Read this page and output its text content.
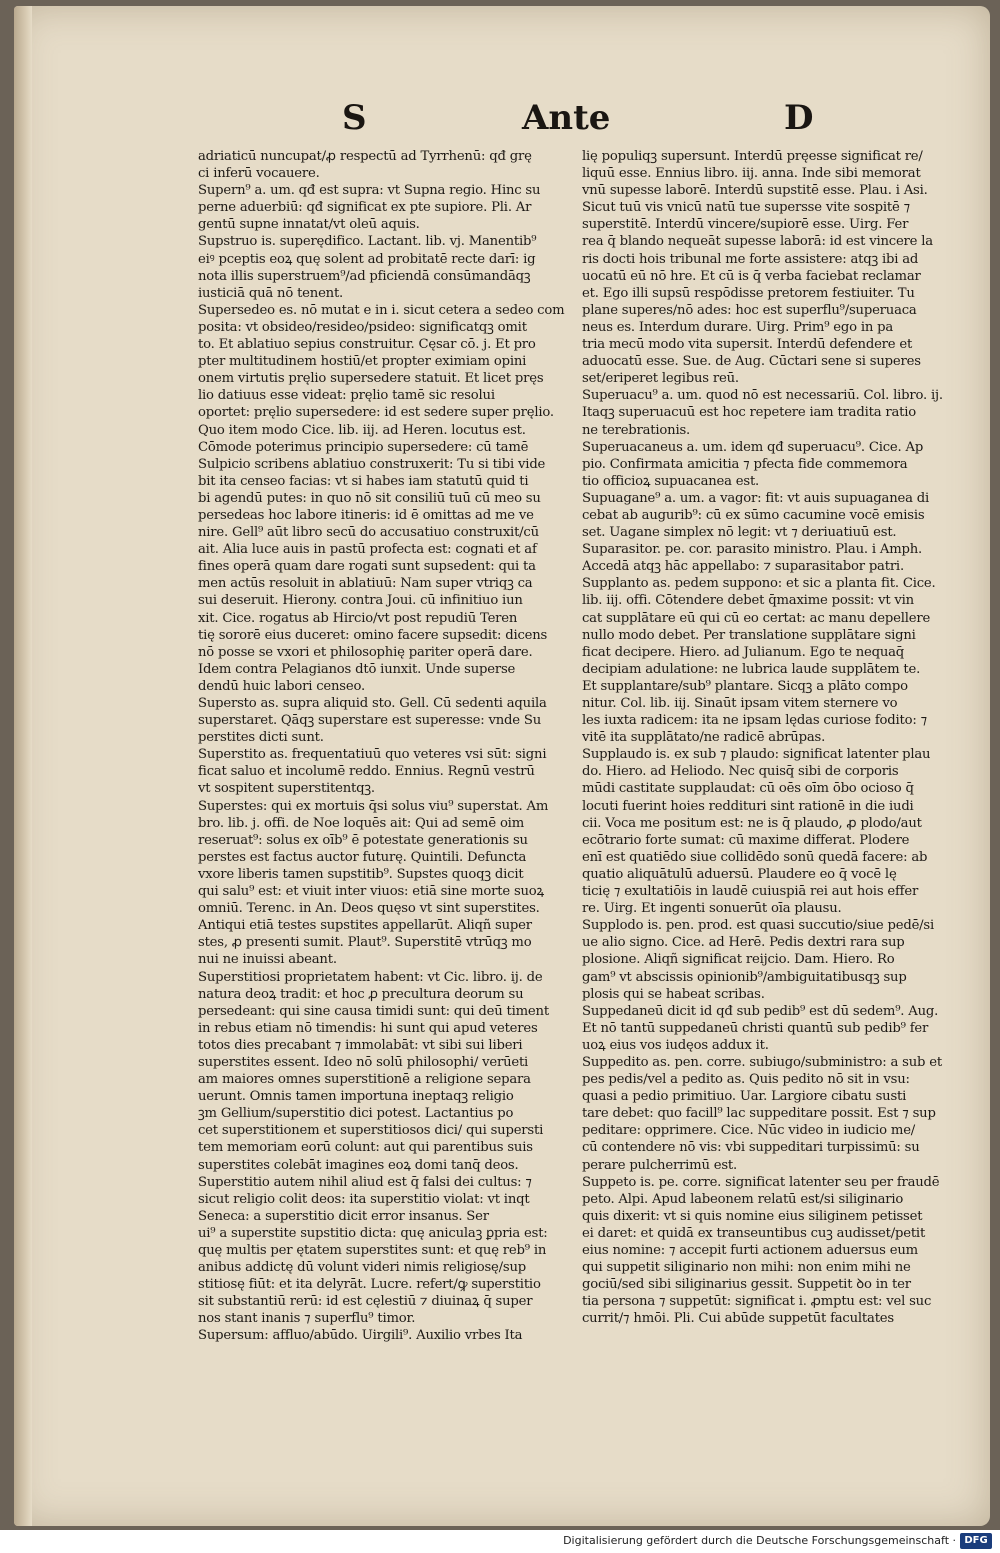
S	Ante	D
adriaticū nuncupat̄/ꝓ respectū ad Tyrrhenū: qđ grę
ci inferū vocauere.
Supern⁹ a. um. qđ est supra: vt Supna regio. Hinc su
perne aduerbiū: qđ significat ex pte supiore. Pli. Ar
gentū supne innatat/vt oleū aquis.
Supstruo is. superędifico. Lactant. lib. vj. Manentib⁹
eiꝰ pceptis eoꝝ quę solent ad probitatē recte darī: ig
nota illis superstruem⁹/ad pficiendā consūmandāqꝫ
iusticiā quā nō tenent.
Supersedeo es. nō mutat e in i. sicut cetera a sedeo com
posita: vt obsideo/resideo/psideo: significatqꝫ omit
to. Et ablatiuo sepius construitur. Cęsar cō. j. Et pro
pter multitudinem hostiū/et propter eximiam opini
onem virtutis pręlio supersedere statuit. Et licet pręs
lio datiuus esse videat̄: pręlio tamē sic resolui
oportet: pręlio supersedere: id est sedere super pręlio.
Quo item modo Cice. lib. iij. ad Heren. locutus est.
Cōmode poterimus principio supersedere: cū tamē
Sulpicio scribens ablatiuo construxerit: Tu si tibi vide
bit ita censeo facias: vt si habes iam statutū quid ti
bi agendū putes: in quo nō sit consiliū tuū cū meo su
persedeas hoc labore itineris: id ē omittas ad me ve
nire. Gell⁹ aūt libro secū do accusatiuo construxit/cū
ait. Alia luce auis in pastū profecta est: cognati et af
fines operā quam dare rogati sunt supsedent: qui ta
men actūs resoluit in ablatiuū: Nam super vtriqꝫ ca
sui deseruit. Hierony. contra Joui. cū infinitiuo iun
xit. Cice. rogatus ab Hircio/vt post repudiū Teren
tię sororē eius duceret: omino facere supsedit: dicens
nō posse se vxori et philosophię pariter operā dare.
Idem contra Pelagianos dtō iunxit. Unde superse
dendū huic labori censeo.
Supersto as. supra aliquid sto. Gell. Cū sedenti aquila
superstaret. Qāqꝫ superstare est superesse: vnde Su
perstites dicti sunt.
Superstito as. frequentatiuū quo veteres vsi sūt: signi
ficat saluo et incolumē reddo. Ennius. Regnū vestrū
vt sospitent superstitentqꝫ.
Superstes: qui ex mortuis q̄si solus viu⁹ superstat. Am
bro. lib. j. offi. de Noe loquēs ait: Qui ad semē oim
reseruat⁹: solus ex oīb⁹ ē potestate generationis su
perstes est factus auctor futurę. Quintili. Defuncta
vxore liberis tamen supstitib⁹. Supstes quoqꝫ dicit̄
qui salu⁹ est: et viuit inter viuos: etiā sine morte suoꝝ
omniū. Terenc. in An. Deos quęso vt sint superstites.
Antiqui etiā testes supstites appellarūt. Aliqñ super
stes, ꝓ presenti sumit̄. Plaut⁹. Superstitē vtrūqꝫ mo
nui ne inuissi abeant.
Superstitiosi proprietatem habent: vt Cic. libro. ij. de
natura deoꝝ tradit: et hoc ꝓ precultura deorum su
persedeant: qui sine causa timidi sunt: qui deū timent
in rebus etiam nō timendis: hi sunt qui apud veteres
totos dies precabant̄ ⁊ immolabāt: vt sibi sui liberi
superstites essent. Ideo nō solū philosophi/ verūeti
am maiores omnes superstitionē a religione separa
uerunt. Omnis tamen importuna ineptaqꝫ religio
ꝫm Gellium/superstitio dici potest. Lactantius po
cet superstitionem et superstitiosos dici/ qui supersti
tem memoriam eorū colunt: aut qui parentibus suis
superstites colebāt imagines eoꝝ domi tanq̄ deos.
Superstitio autem nihil aliud est q̄ falsi dei cultus: ⁊
sicut religio colit deos: ita superstitio violat: vt inqt
Seneca: a superstitio dicit̄ error insanus. Ser
ui⁹ a superstite supstitio dicta: quę aniculaꝫ ꝑpria est:
quę multis per ętatem superstites sunt: et quę reb⁹ in
anibus addictę dū volunt videri nimis religiosę/sup
stitiosę fiūt: et ita delyrāt. Lucre. refert/ꝙ superstitio
sit substantiū rerū: id est cęlestiū ⁊ diuinaꝝ q̄ super
nos stant inanis ⁊ superflu⁹ timor.
Supersum: affluo/abūdo. Uirgili⁹. Auxilio vrbes Ita
lię populiqꝫ supersunt. Interdū pręesse significat re/
liquū esse. Ennius libro. iij. anna. Inde sibi memorat
vnū supesse laborē. Interdū supstitē esse. Plau. i Asi.
Sicut tuū vis vnicū natū tue supersse vite sospitē ⁊
superstitē. Interdū vincere/supiorē esse. Uirg. Fer
rea q̄ blando nequeāt supesse laborā: id est vincere la
ris docti hois tribunal me forte assistere: atqꝫ ibi ad
uocatū eū nō hre. Et cū is q̄ verba faciebat reclamar
et. Ego illi supsū respōdisse pretorem festiuiter. Tu
plane superes/nō ades: hoc est superflu⁹/superuaca
neus es. Interdum durare. Uirg. Prim⁹ ego in pa
tria mecū modo vita supersit. Interdū defendere et
aduocatū esse. Sue. de Aug. Cūctari sene si superes
set/eriperet legibus reū.
Superuacu⁹ a. um. quod nō est necessariū. Col. libro. ij.
Itaqꝫ superuacuū est hoc repetere iam tradita ratio
ne terebrationis.
Superuacaneus a. um. idem qđ superuacu⁹. Cice. Ap
pio. Confirmata amicitia ⁊ pfecta fide commemora
tio officioꝝ supuacanea est.
Supuagane⁹ a. um. a vagor: fit: vt auis supuaganea di
cebat̄ ab augurib⁹: cū ex sūmo cacumine vocē emisis
set. Uagane simplex nō legit̄: vt ⁊ deriuatiuū est.
Suparasitor. pe. cor. parasito ministro. Plau. i Amph.
Accedā atqꝫ hāc appellabo: ⁊ suparasitabor patri.
Supplanto as. pedem suppono: et sic a planta fit. Cice.
lib. iij. offi. Cōtendere debet q̄maxime possit: vt vin
cat supplātare eū qui cū eo certat: ac manu depellere
nullo modo debet. Per translatione supplātare signi
ficat decipere. Hiero. ad Julianum. Ego te nequaq̄
decipiam adulatione: ne lubrica laude supplātem te.
Et supplantare/sub⁹ plantare. Sicqꝫ a plāto compo
nitur. Col. lib. iij. Sinaūt ipsam vitem sternere vo
les iuxta radicem: ita ne ipsam lędas curiose fodito: ⁊
vitē ita supplātato/ne radicē abrūpas.
Supplaudo is. ex sub ⁊ plaudo: significat latenter plau
do. Hiero. ad Heliodo. Nec quisq̄ sibi de corporis
mūdi castitate supplaudat: cū oēs oīm ōbo ocioso q̄
locuti fuerint hoies reddituri sint rationē in die iudi
cii. Voca me positum est: ne is q̄ plaudo, ꝓ plodo/aut
ecōtrario forte sumat: cū maxime differat. Plodere
enī est quatiēdo siue collidēdo sonū quedā facere: ab
quatio aliquātulū aduersū. Plaudere eo q̄ vocē lę
ticię ⁊ exultatiōis in laudē cuiuspiā rei aut hois effer
re. Uirg. Et ingenti sonuerūt oīa plausu.
Supplodo is. pen. prod. est quasi succutio/siue pedē/si
ue alio signo. Cice. ad Herē. Pedis dextri rara sup
plosione. Aliqñ significat reijcio. Dam. Hiero. Ro
gam⁹ vt abscissis opinionib⁹/ambiguitatibusqꝫ sup
plosis qui se habeat scribas.
Suppedaneū dicit̄ id qđ sub pedib⁹ est dū sedem⁹. Aug.
Et nō tantū suppedaneū christi quantū sub pedib⁹ fer
uoꝝ eius vos iudęos addux it.
Suppedito as. pen. corre. subiugo/subministro: a sub et
pes pedis/vel a pedito as. Quis pedito nō sit in vsu:
quasi a pedio primitiuo. Uar. Largiore cibatu susti
tare debet: quo facill⁹ lac suppeditare possit. Est ⁊ sup
peditare: opprimere. Cice. Nūc video in iudicio me/
cū contendere nō vis: vbi suppeditari turpissimū: su
perare pulcherrimū est.
Suppeto is. pe. corre. significat latenter seu per fraudē
peto. Alpi. Apud labeonem relatū est/si siliginario
quis dixerit: vt si quis nomine eius siliginem petisset
ei daret: et quidā ex transeuntibus cuꝫ audisset/petit
eius nomine: ⁊ accepit furti actionem aduersus eum
qui suppetit siliginario non mihi: non enim mihi ne
gociū/sed sibi siliginarius gessit. Suppetit ꝺo in ter
tia persona ⁊ suppetūt: significat i. ꝓmptu est: vel suc
currit/⁊ hmōi. Pli. Cui abūde suppetūt facultates
Digitalisierung gefördert durch die Deutsche Forschungsgemeinschaft · DFG
